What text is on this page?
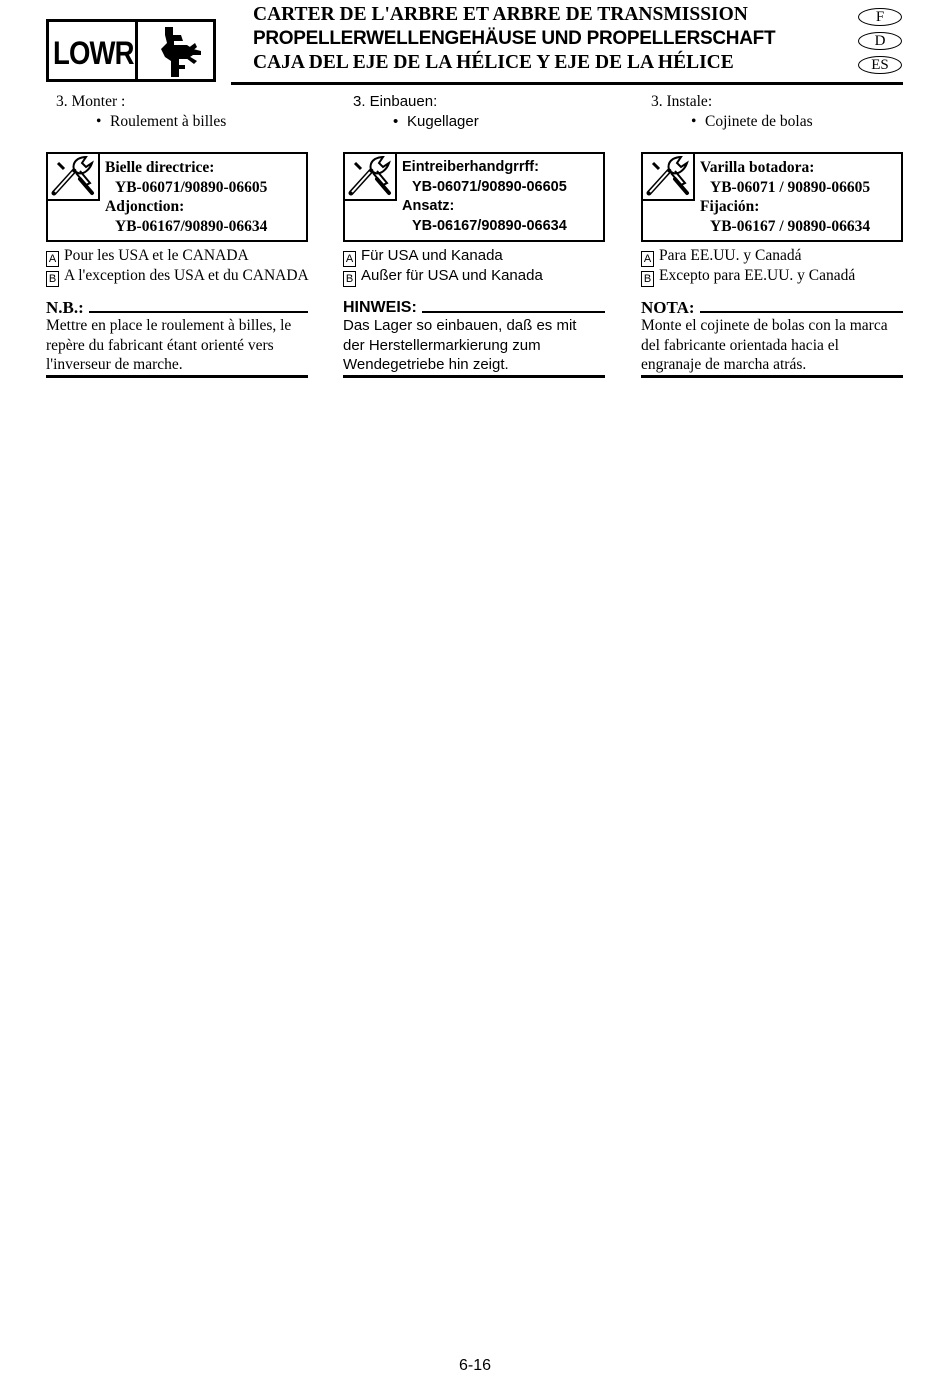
LOWR
CARTER DE L'ARBRE ET ARBRE DE TRANSMISSION
PROPELLERWELLENGEHÄUSE UND PROPELLERSCHAFT
CAJA DEL EJE DE LA HÉLICE Y EJE DE LA HÉLICE
F
D
ES
3. Monter :
• Roulement à billes
Bielle directrice:
YB-06071/90890-06605
Adjonction:
YB-06167/90890-06634
A Pour les USA et le CANADA
B A l'exception des USA et du CANADA
N.B.:
Mettre en place le roulement à billes, le
repère du fabricant étant orienté vers
l'inverseur de marche.
3. Einbauen:
• Kugellager
Eintreiberhandgrrff:
YB-06071/90890-06605
Ansatz:
YB-06167/90890-06634
A Für USA und Kanada
B Außer für USA und Kanada
HINWEIS:
Das Lager so einbauen, daß es mit
der Herstellermarkierung zum
Wendegetriebe hin zeigt.
3. Instale:
• Cojinete de bolas
Varilla botadora:
YB-06071 / 90890-06605
Fijación:
YB-06167 / 90890-06634
A Para EE.UU. y Canadá
B Excepto para EE.UU. y Canadá
NOTA:
Monte el cojinete de bolas con la marca
del fabricante orientada hacia el
engranaje de marcha atrás.
6-16
